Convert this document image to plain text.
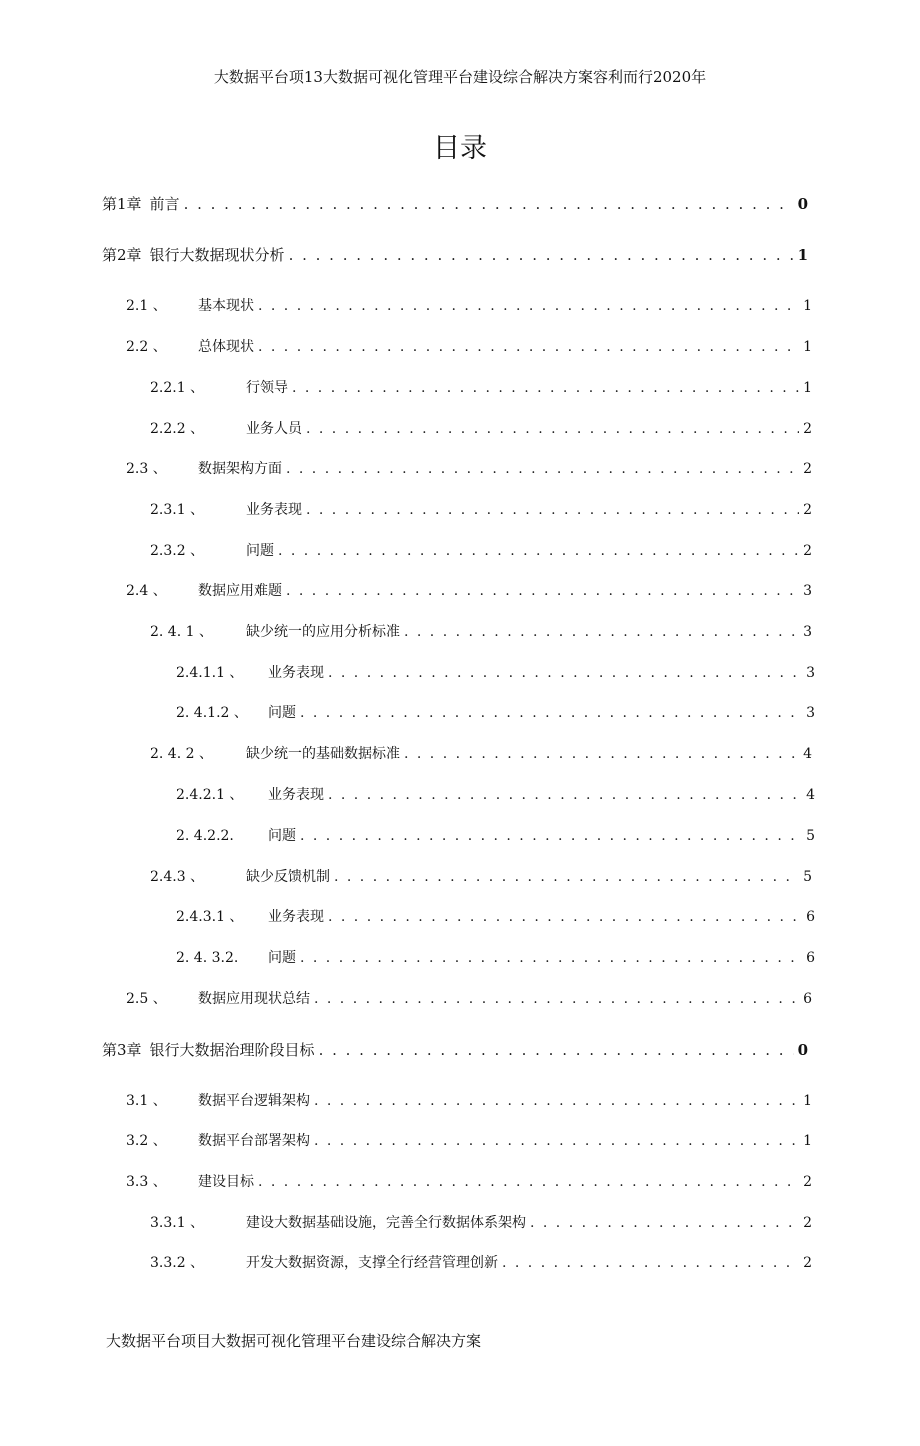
大数据平台项13大数据可视化管理平台建设综合解决方案容利而行2020年
目录
第1章 前言 . . .	0
第2章 银行大数据现状分析 . . .	1
2.1 、 基本现状 . . .	1
2.2 、 总体现状 . . .	1
2.2.1 、	行领导 . . .	1
2.2.2 、	业务人员 . . .	2
2.3 、 数据架构方面 . . .	2
2.3.1 、	业务表现 . . .	2
2.3.2 、	问题 . . .	2
2.4 、 数据应用难题 . . .	3
2. 4. 1 、 缺少统一的应用分析标准 . . .	3
2.4.1.1 、 业务表现 . . .	3
2. 4.1.2 、 问题 . . .	3
2. 4. 2 、 缺少统一的基础数据标准 . . .	4
2.4.2.1 、 业务表现 . . .	4
2. 4.2.2. 问题 . . .	5
2.4.3 、	缺少反馈机制 . . .	5
2.4.3.1 、 业务表现 . . .	6
2. 4. 3.2. 问题 . . .	6
2.5 、 数据应用现状总结 . . .	6
第3章 银行大数据治理阶段目标 . . .	0
3.1 、 数据平台逻辑架构 . . .	1
3.2 、 数据平台部署架构 . . .	1
3.3 、 建设目标 . . .	2
3.3.1 、	建设大数据基础设施，完善全行数据体系架构 . . .	2
3.3.2 、	开发大数据资源，支撑全行经营管理创新 . . .	2
大数据平台项目大数据可视化管理平台建设综合解决方案
